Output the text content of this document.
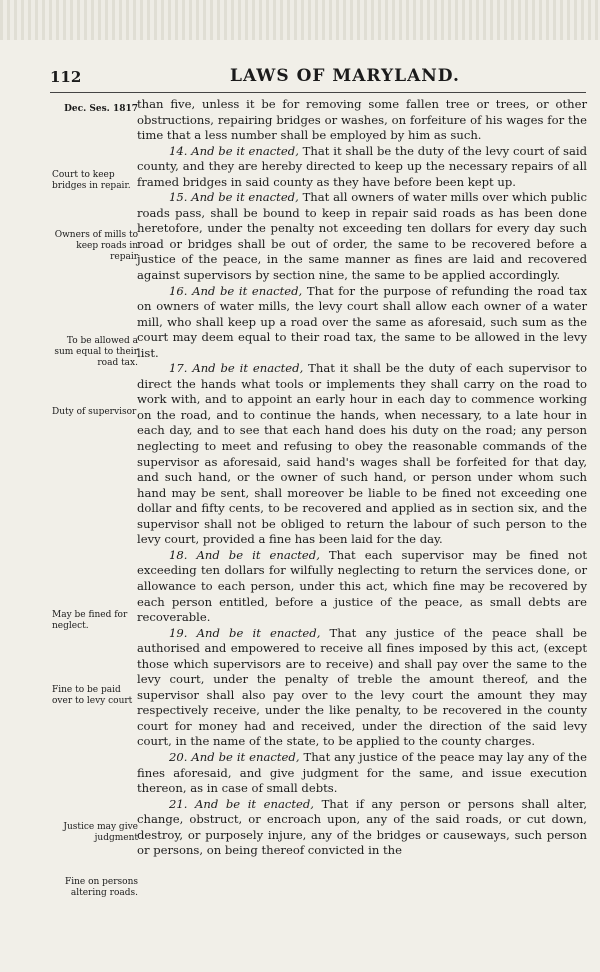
112	LAWS OF MARYLAND.
Dec. Ses. 1817
Court to keep bridges in repair.
Owners of mills to keep roads in repair
To be allowed a sum equal to their road tax.
Duty of supervisor
May be fined for neglect.
Fine to be paid over to levy court
Justice may give judgment
Fine on persons altering roads.

than five, unless it be for removing some fallen tree or trees, or other obstructions, repairing bridges or washes, on forfeiture of his wages for the time that a less number shall be employed by him as such.

14. And be it enacted, That it shall be the duty of the levy court of said county, and they are hereby directed to keep up the necessary repairs of all framed bridges in said county as they have before been kept up.

15. And be it enacted, That all owners of water mills over which public roads pass, shall be bound to keep in repair said roads as has been done heretofore, under the penalty not exceeding ten dollars for every day such road or bridges shall be out of order, the same to be recovered before a justice of the peace, in the same manner as fines are laid and recovered against supervisors by section nine, the same to be applied accordingly.

16. And be it enacted, That for the purpose of refunding the road tax on owners of water mills, the levy court shall allow each owner of a water mill, who shall keep up a road over the same as aforesaid, such sum as the court may deem equal to their road tax, the same to be allowed in the levy list.

17. And be it enacted, That it shall be the duty of each supervisor to direct the hands what tools or implements they shall carry on the road to work with, and to appoint an early hour in each day to commence working on the road, and to continue the hands, when necessary, to a late hour in each day, and to see that each hand does his duty on the road; any person neglecting to meet and refusing to obey the reasonable commands of the supervisor as aforesaid, said hand's wages shall be forfeited for that day, and such hand, or the owner of such hand, or person under whom such hand may be sent, shall moreover be liable to be fined not exceeding one dollar and fifty cents, to be recovered and applied as in section six, and the supervisor shall not be obliged to return the labour of such person to the levy court, provided a fine has been laid for the day.

18. And be it enacted, That each supervisor may be fined not exceeding ten dollars for wilfully neglecting to return the services done, or allowance to each person, under this act, which fine may be recovered by each person entitled, before a justice of the peace, as small debts are recoverable.

19. And be it enacted, That any justice of the peace shall be authorised and empowered to receive all fines imposed by this act, (except those which supervisors are to receive) and shall pay over the same to the levy court, under the penalty of treble the amount thereof, and the supervisor shall also pay over to the levy court the amount they may respectively receive, under the like penalty, to be recovered in the county court for money had and received, under the direction of the said levy court, in the name of the state, to be applied to the county charges.

20. And be it enacted, That any justice of the peace may lay any of the fines aforesaid, and give judgment for the same, and issue execution thereon, as in case of small debts.

21. And be it enacted, That if any person or persons shall alter, change, obstruct, or encroach upon, any of the said roads, or cut down, destroy, or purposely injure, any of the bridges or causeways, such person or persons, on being thereof convicted in the
